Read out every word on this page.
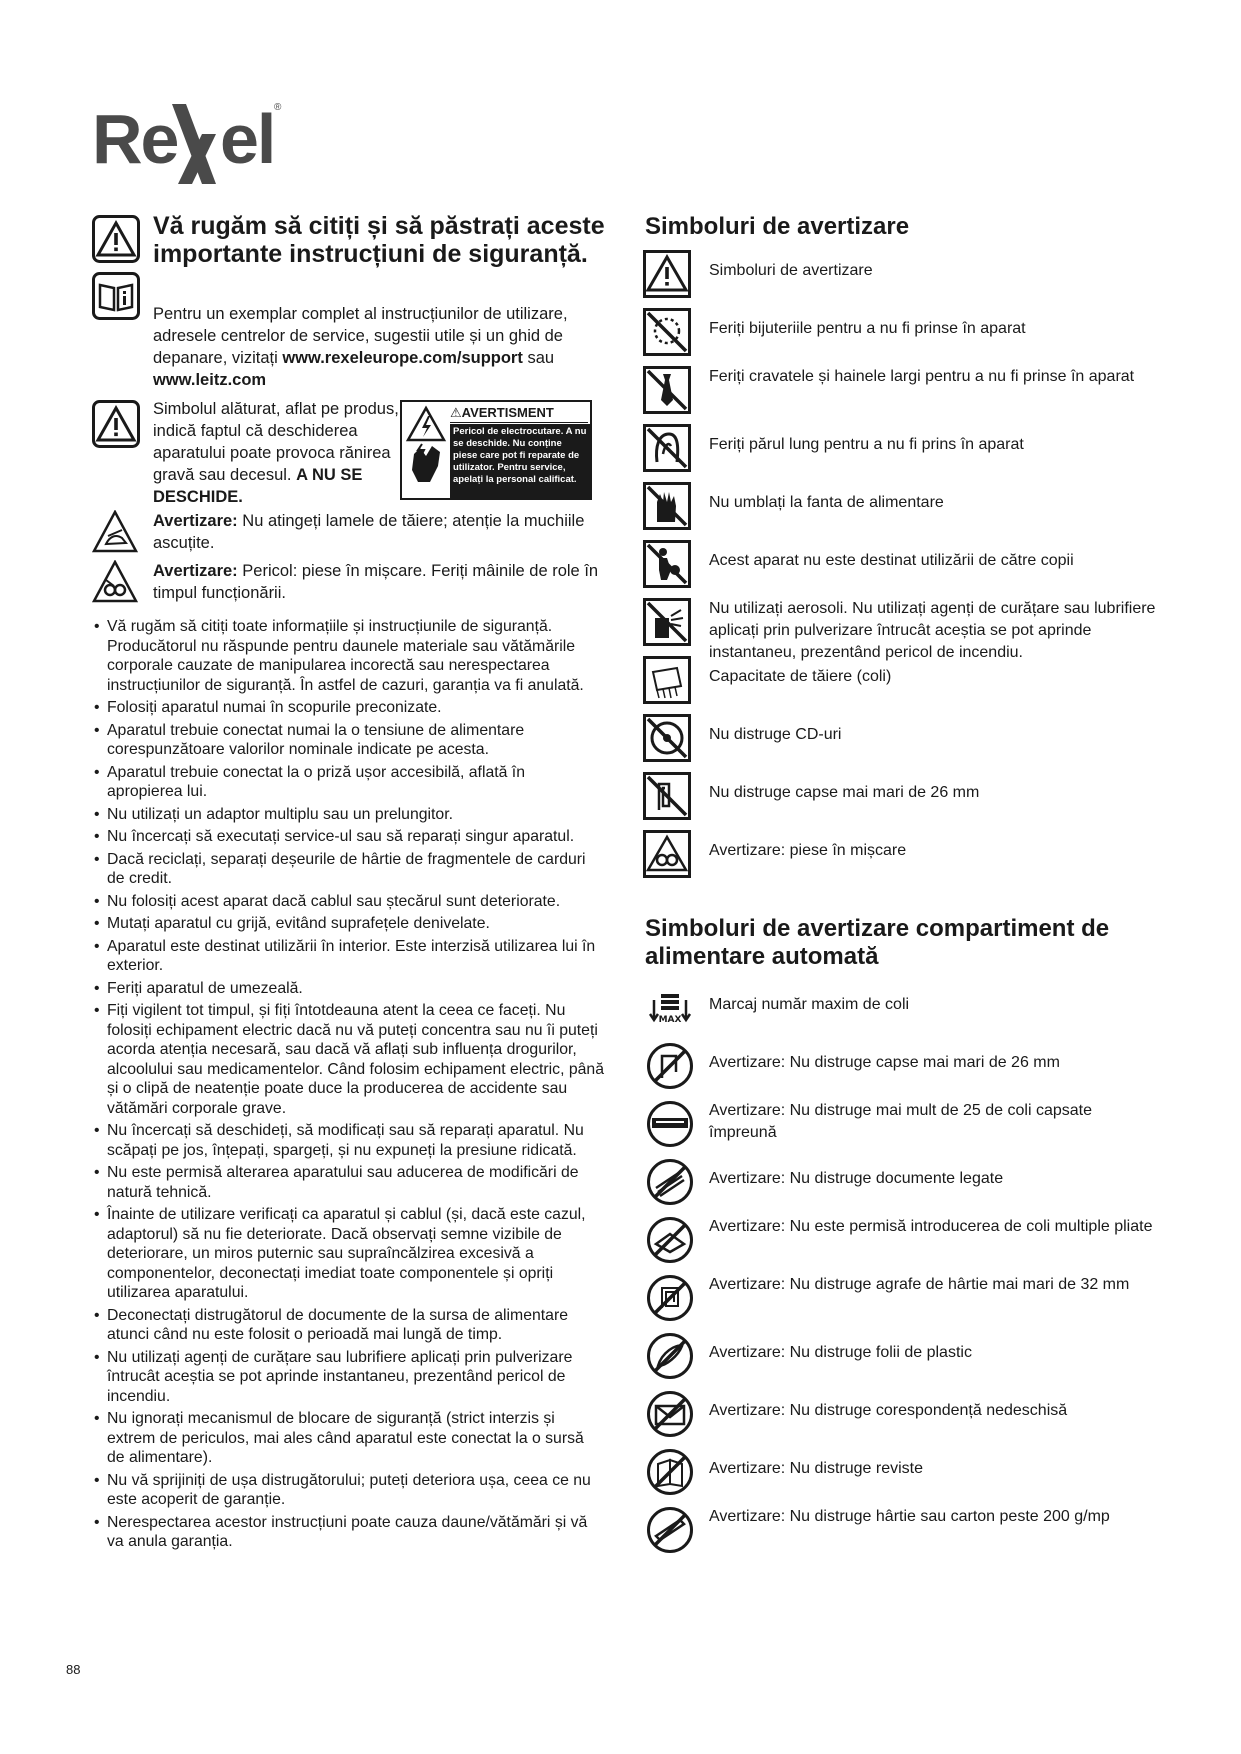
Re el ®
Vă rugăm să citiți și să păstrați aceste importante instrucțiuni de siguranță.
Pentru un exemplar complet al instrucțiunilor de utilizare, adresele centrelor de service, sugestii utile și un ghid de depanare, vizitați www.rexeleurope.com/support sau www.leitz.com
Simbolul alăturat, aflat pe produs, indică faptul că deschiderea aparatului poate provoca rănirea gravă sau decesul. A NU SE DESCHIDE.
⚠AVERTISMENT
Pericol de electrocutare. A nu se deschide. Nu conține piese care pot fi reparate de utilizator. Pentru service, apelați la personal calificat.
Avertizare: Nu atingeți lamele de tăiere; atenție la muchiile ascuțite.
Avertizare: Pericol: piese în mișcare. Feriți mâinile de role în timpul funcționării.
• Vă rugăm să citiți toate informațiile și instrucțiunile de siguranță. Producătorul nu răspunde pentru daunele materiale sau vătămările corporale cauzate de manipularea incorectă sau nerespectarea instrucțiunilor de siguranță. În astfel de cazuri, garanția va fi anulată.
• Folosiți aparatul numai în scopurile preconizate.
• Aparatul trebuie conectat numai la o tensiune de alimentare corespunzătoare valorilor nominale indicate pe acesta.
• Aparatul trebuie conectat la o priză ușor accesibilă, aflată în apropierea lui.
• Nu utilizați un adaptor multiplu sau un prelungitor.
• Nu încercați să executați service-ul sau să reparați singur aparatul.
• Dacă reciclați, separați deșeurile de hârtie de fragmentele de carduri de credit.
• Nu folosiți acest aparat dacă cablul sau ștecărul sunt deteriorate.
• Mutați aparatul cu grijă, evitând suprafețele denivelate.
• Aparatul este destinat utilizării în interior. Este interzisă utilizarea lui în exterior.
• Feriți aparatul de umezeală.
• Fiți vigilent tot timpul, și fiți întotdeauna atent la ceea ce faceți. Nu folosiți echipament electric dacă nu vă puteți concentra sau nu îi puteți acorda atenția necesară, sau dacă vă aflați sub influența drogurilor, alcoolului sau medicamentelor. Când folosim echipament electric, până și o clipă de neatenție poate duce la producerea de accidente sau vătămări corporale grave.
• Nu încercați să deschideți, să modificați sau să reparați aparatul. Nu scăpați pe jos, înțepați, spargeți, și nu expuneți la presiune ridicată.
• Nu este permisă alterarea aparatului sau aducerea de modificări de natură tehnică.
• Înainte de utilizare verificați ca aparatul și cablul (și, dacă este cazul, adaptorul) să nu fie deteriorate. Dacă observați semne vizibile de deteriorare, un miros puternic sau supraîncălzirea excesivă a componentelor, deconectați imediat toate componentele și opriți utilizarea aparatului.
• Deconectați distrugătorul de documente de la sursa de alimentare atunci când nu este folosit o perioadă mai lungă de timp.
• Nu utilizați agenți de curățare sau lubrifiere aplicați prin pulverizare întrucât aceștia se pot aprinde instantaneu, prezentând pericol de incendiu.
• Nu ignorați mecanismul de blocare de siguranță (strict interzis și extrem de periculos, mai ales când aparatul este conectat la o sursă de alimentare).
• Nu vă sprijiniți de ușa distrugătorului; puteți deteriora ușa, ceea ce nu este acoperit de garanție.
• Nerespectarea acestor instrucțiuni poate cauza daune/vătămări și vă va anula garanția.
88
Simboluri de avertizare
Simboluri de avertizare
Feriți bijuteriile pentru a nu fi prinse în aparat
Feriți cravatele și hainele largi pentru a nu fi prinse în aparat
Feriți părul lung pentru a nu fi prins în aparat
Nu umblați la fanta de alimentare
Acest aparat nu este destinat utilizării de către copii
Nu utilizați aerosoli. Nu utilizați agenți de curățare sau lubrifiere aplicați prin pulverizare întrucât aceștia se pot aprinde instantaneu, prezentând pericol de incendiu.
Capacitate de tăiere (coli)
Nu distruge CD-uri
Nu distruge capse mai mari de 26 mm
Avertizare: piese în mișcare
Simboluri de avertizare compartiment de alimentare automată
MAX
Marcaj număr maxim de coli
Avertizare: Nu distruge capse mai mari de 26 mm
Avertizare: Nu distruge mai mult de 25 de coli capsate împreună
Avertizare: Nu distruge documente legate
Avertizare: Nu este permisă introducerea de coli multiple pliate
Avertizare: Nu distruge agrafe de hârtie mai mari de 32 mm
Avertizare: Nu distruge folii de plastic
Avertizare: Nu distruge corespondență nedeschisă
Avertizare: Nu distruge reviste
Avertizare: Nu distruge hârtie sau carton peste 200 g/mp
